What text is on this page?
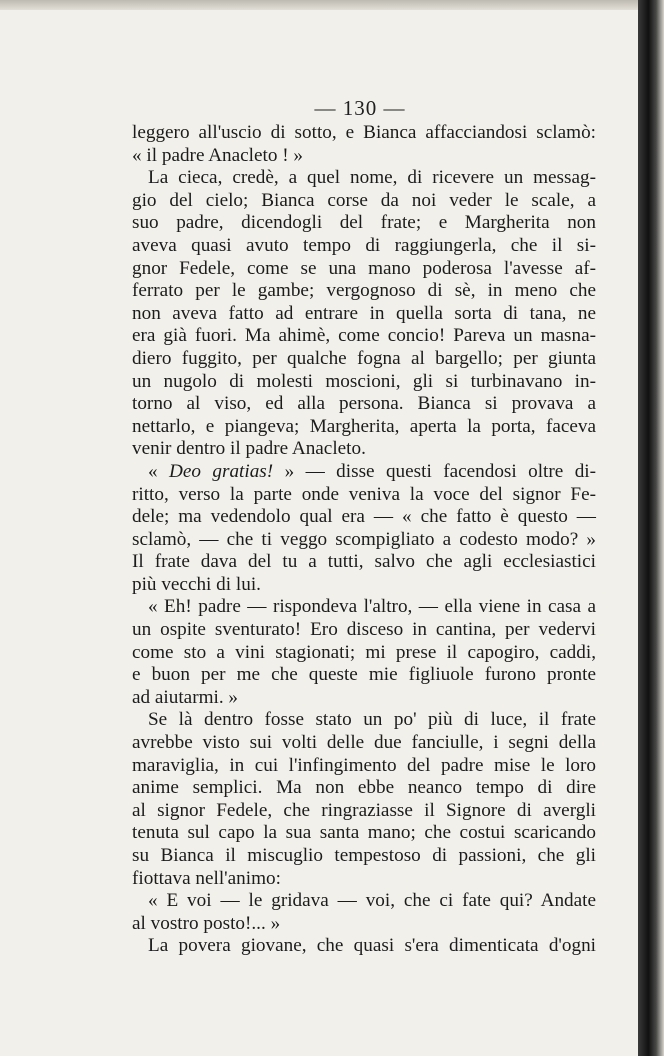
— 130 —
leggero all'uscio di sotto, e Bianca affacciandosi sclamò:
« il padre Anacleto ! »
La cieca, credè, a quel nome, di ricevere un messag-
gio del cielo; Bianca corse da noi veder le scale, a
suo padre, dicendogli del frate; e Margherita non
aveva quasi avuto tempo di raggiungerla, che il si-
gnor Fedele, come se una mano poderosa l'avesse af-
ferrato per le gambe; vergognoso di sè, in meno che
non aveva fatto ad entrare in quella sorta di tana, ne
era già fuori. Ma ahimè, come concio! Pareva un masna-
diero fuggito, per qualche fogna al bargello; per giunta
un nugolo di molesti moscioni, gli si turbinavano in-
torno al viso, ed alla persona. Bianca si provava a
nettarlo, e piangeva; Margherita, aperta la porta, faceva
venir dentro il padre Anacleto.
« Deo gratias! » — disse questi facendosi oltre di-
ritto, verso la parte onde veniva la voce del signor Fe-
dele; ma vedendolo qual era — « che fatto è questo —
sclamò, — che ti veggo scompigliato a codesto modo? »
Il frate dava del tu a tutti, salvo che agli ecclesiastici
più vecchi di lui.
« Eh! padre — rispondeva l'altro, — ella viene in casa a
un ospite sventurato! Ero disceso in cantina, per vedervi
come sto a vini stagionati; mi prese il capogiro, caddi,
e buon per me che queste mie figliuole furono pronte
ad aiutarmi. »
Se là dentro fosse stato un po' più di luce, il frate
avrebbe visto sui volti delle due fanciulle, i segni della
maraviglia, in cui l'infingimento del padre mise le loro
anime semplici. Ma non ebbe neanco tempo di dire
al signor Fedele, che ringraziasse il Signore di avergli
tenuta sul capo la sua santa mano; che costui scaricando
su Bianca il miscuglio tempestoso di passioni, che gli
fiottava nell'animo:
« E voi — le gridava — voi, che ci fate qui? Andate
al vostro posto!... »
La povera giovane, che quasi s'era dimenticata d'ogni
